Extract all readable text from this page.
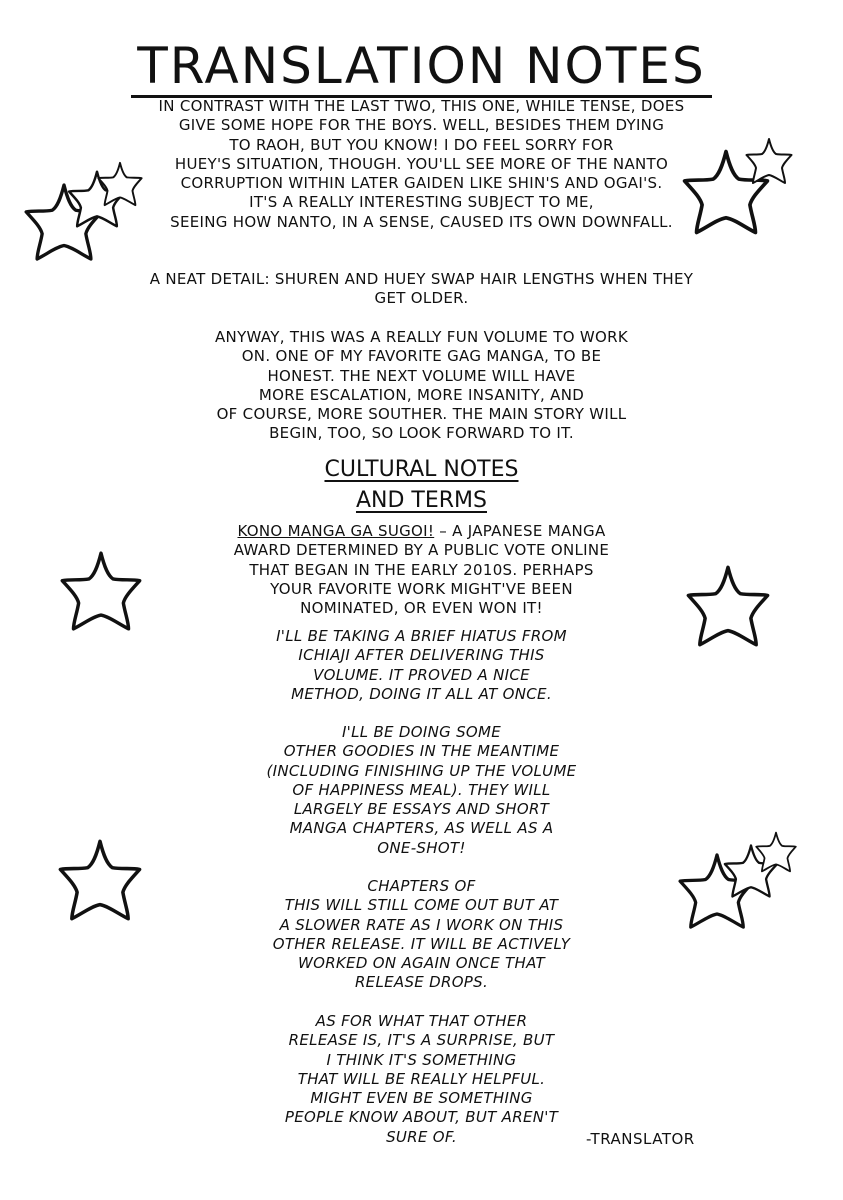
TRANSLATION NOTES
IN CONTRAST WITH THE LAST TWO, THIS ONE, WHILE TENSE, DOES
GIVE SOME HOPE FOR THE BOYS. WELL, BESIDES THEM DYING
TO RAOH, BUT YOU KNOW! I DO FEEL SORRY FOR
HUEY'S SITUATION, THOUGH. YOU'LL SEE MORE OF THE NANTO
CORRUPTION WITHIN LATER GAIDEN LIKE SHIN'S AND OGAI'S.
IT'S A REALLY INTERESTING SUBJECT TO ME,
SEEING HOW NANTO, IN A SENSE, CAUSED ITS OWN DOWNFALL.
A NEAT DETAIL: SHUREN AND HUEY SWAP HAIR LENGTHS WHEN THEY
GET OLDER.
ANYWAY, THIS WAS A REALLY FUN VOLUME TO WORK
ON. ONE OF MY FAVORITE GAG MANGA, TO BE
HONEST. THE NEXT VOLUME WILL HAVE
MORE ESCALATION, MORE INSANITY, AND
OF COURSE, MORE SOUTHER. THE MAIN STORY WILL
BEGIN, TOO, SO LOOK FORWARD TO IT.
CULTURAL NOTES
AND TERMS
KONO MANGA GA SUGOI! – A JAPANESE MANGA
AWARD DETERMINED BY A PUBLIC VOTE ONLINE
THAT BEGAN IN THE EARLY 2010S. PERHAPS
YOUR FAVORITE WORK MIGHT'VE BEEN
NOMINATED, OR EVEN WON IT!
I'LL BE TAKING A BRIEF HIATUS FROM
ICHIAJI AFTER DELIVERING THIS
VOLUME. IT PROVED A NICE
METHOD, DOING IT ALL AT ONCE.
I'LL BE DOING SOME
OTHER GOODIES IN THE MEANTIME
(INCLUDING FINISHING UP THE VOLUME
OF HAPPINESS MEAL). THEY WILL
LARGELY BE ESSAYS AND SHORT
MANGA CHAPTERS, AS WELL AS A
ONE-SHOT!
CHAPTERS OF
THIS WILL STILL COME OUT BUT AT
A SLOWER RATE AS I WORK ON THIS
OTHER RELEASE. IT WILL BE ACTIVELY
WORKED ON AGAIN ONCE THAT
RELEASE DROPS.
AS FOR WHAT THAT OTHER
RELEASE IS, IT'S A SURPRISE, BUT
I THINK IT'S SOMETHING
THAT WILL BE REALLY HELPFUL.
MIGHT EVEN BE SOMETHING
PEOPLE KNOW ABOUT, BUT AREN'T
SURE OF.	-TRANSLATOR
